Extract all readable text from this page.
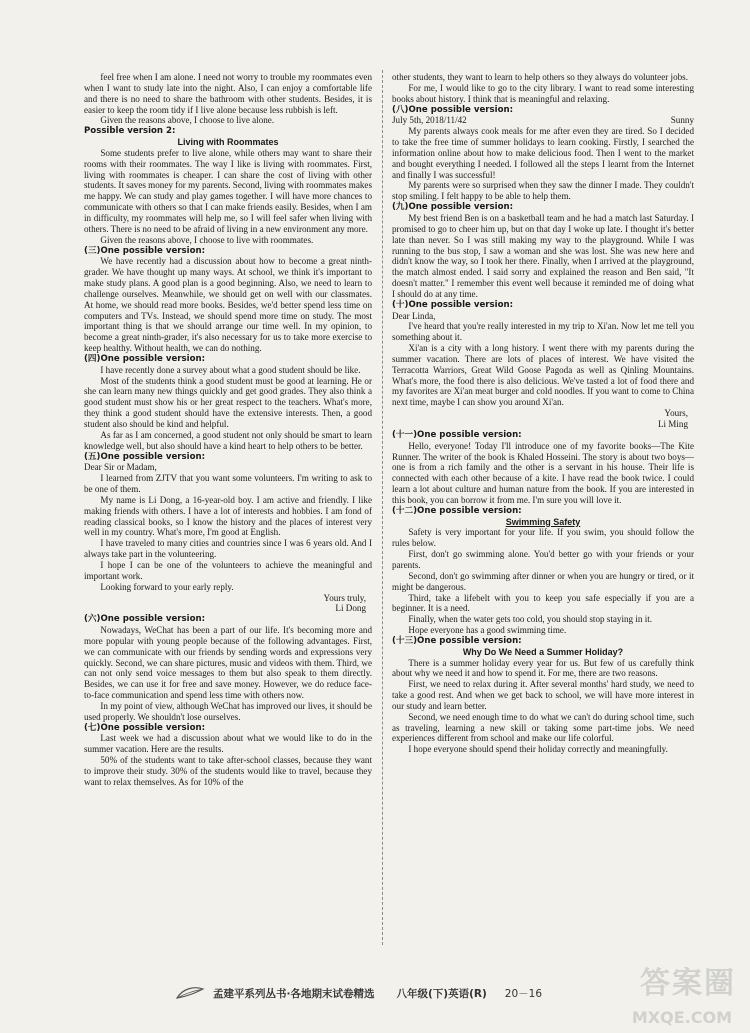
feel free when I am alone. I need not worry to trouble my roommates even when I want to study late into the night. Also, I can enjoy a comfortable life and there is no need to share the bathroom with other students. Besides, it is easier to keep the room tidy if I live alone because less rubbish is left.

Given the reasons above, I choose to live alone.

Possible version 2:

Living with Roommates

Some students prefer to live alone, while others may want to share their rooms with their roommates. The way I like is living with roommates. First, living with roommates is cheaper. I can share the cost of living with other students. It saves money for my parents. Second, living with roommates makes me happy. We can study and play games together. I will have more chances to communicate with others so that I can make friends easily. Besides, when I am in difficulty, my roommates will help me, so I will feel safer when living with others. There is no need to be afraid of living in a new environment any more.

Given the reasons above, I choose to live with roommates.

(三)One possible version:

We have recently had a discussion about how to become a great ninth-grader. We have thought up many ways. At school, we think it's important to make study plans. A good plan is a good beginning. Also, we need to learn to challenge ourselves. Meanwhile, we should get on well with our classmates. At home, we should read more books. Besides, we'd better spend less time on computers and TVs. Instead, we should spend more time on study. The most important thing is that we should arrange our time well. In my opinion, to become a great ninth-grader, it's also necessary for us to take more exercise to keep healthy. Without health, we can do nothing.

(四)One possible version:

I have recently done a survey about what a good student should be like.

Most of the students think a good student must be good at learning. He or she can learn many new things quickly and get good grades. They also think a good student must show his or her great respect to the teachers. What's more, they think a good student should have the extensive interests. Then, a good student also should be kind and helpful.

As far as I am concerned, a good student not only should be smart to learn knowledge well, but also should have a kind heart to help others to be better.

(五)One possible version:

Dear Sir or Madam,

I learned from ZJTV that you want some volunteers. I'm writing to ask to be one of them.

My name is Li Dong, a 16-year-old boy. I am active and friendly. I like making friends with others. I have a lot of interests and hobbies. I am fond of reading classical books, so I know the history and the places of interest very well in my country. What's more, I'm good at English.

I have traveled to many cities and countries since I was 6 years old. And I always take part in the volunteering.

I hope I can be one of the volunteers to achieve the meaningful and important work.

Looking forward to your early reply.

Yours truly,

Li Dong

(六)One possible version:

Nowadays, WeChat has been a part of our life. It's becoming more and more popular with young people because of the following advantages. First, we can communicate with our friends by sending words and expressions very quickly. Second, we can share pictures, music and videos with them. Third, we can not only send voice messages to them but also speak to them directly. Besides, we can use it for free and save money. However, we do reduce face-to-face communication and spend less time with others now.

In my point of view, although WeChat has improved our lives, it should be used properly. We shouldn't lose ourselves.

(七)One possible version:

Last week we had a discussion about what we would like to do in the summer vacation. Here are the results.

50% of the students want to take after-school classes, because they want to improve their study. 30% of the students would like to travel, because they want to relax themselves. As for 10% of the

other students, they want to learn to help others so they always do volunteer jobs.

For me, I would like to go to the city library. I want to read some interesting books about history. I think that is meaningful and relaxing.

(八)One possible version:

July 5th, 2018/11/42	Sunny

My parents always cook meals for me after even they are tired. So I decided to take the free time of summer holidays to learn cooking. Firstly, I searched the information online about how to make delicious food. Then I went to the market and bought everything I needed. I followed all the steps I learnt from the Internet and finally I was successful!

My parents were so surprised when they saw the dinner I made. They couldn't stop smiling. I felt happy to be able to help them.

(九)One possible version:

My best friend Ben is on a basketball team and he had a match last Saturday. I promised to go to cheer him up, but on that day I woke up late. I thought it's better late than never. So I was still making my way to the playground. While I was running to the bus stop, I saw a woman and she was lost. She was new here and didn't know the way, so I took her there. Finally, when I arrived at the playground, the match almost ended. I said sorry and explained the reason and Ben said, "It doesn't matter." I remember this event well because it reminded me of doing what I should do at any time.

(十)One possible version:

Dear Linda,

I've heard that you're really interested in my trip to Xi'an. Now let me tell you something about it.

Xi'an is a city with a long history. I went there with my parents during the summer vacation. There are lots of places of interest. We have visited the Terracotta Warriors, Great Wild Goose Pagoda as well as Qinling Mountains. What's more, the food there is also delicious. We've tasted a lot of food there and my favorites are Xi'an meat burger and cold noodles. If you want to come to China next time, maybe I can show you around Xi'an.

Yours,

Li Ming

(十一)One possible version:

Hello, everyone! Today I'll introduce one of my favorite books—The Kite Runner. The writer of the book is Khaled Hosseini. The story is about two boys—one is from a rich family and the other is a servant in his house. Their life is connected with each other because of a kite. I have read the book twice. I could learn a lot about culture and human nature from the book. If you are interested in this book, you can borrow it from me. I'm sure you will love it.

(十二)One possible version:

Swimming Safety

Safety is very important for your life. If you swim, you should follow the rules below.

First, don't go swimming alone. You'd better go with your friends or your parents.

Second, don't go swimming after dinner or when you are hungry or tired, or it might be dangerous.

Third, take a lifebelt with you to keep you safe especially if you are a beginner. It is a need.

Finally, when the water gets too cold, you should stop staying in it.

Hope everyone has a good swimming time.

(十三)One possible version:

Why Do We Need a Summer Holiday?

There is a summer holiday every year for us. But few of us carefully think about why we need it and how to spend it. For me, there are two reasons.

First, we need to relax during it. After several months' hard study, we need to take a good rest. And when we get back to school, we will have more interest in our study and learn better.

Second, we need enough time to do what we can't do during school time, such as traveling, learning a new skill or taking some part-time jobs. We need experiences different from school and make our life colorful.

I hope everyone should spend their holiday correctly and meaningfully.

孟建平系列丛书·各地期末试卷精选 八年级(下)英语(R) 20－16	答案圈
MXQE.COM
